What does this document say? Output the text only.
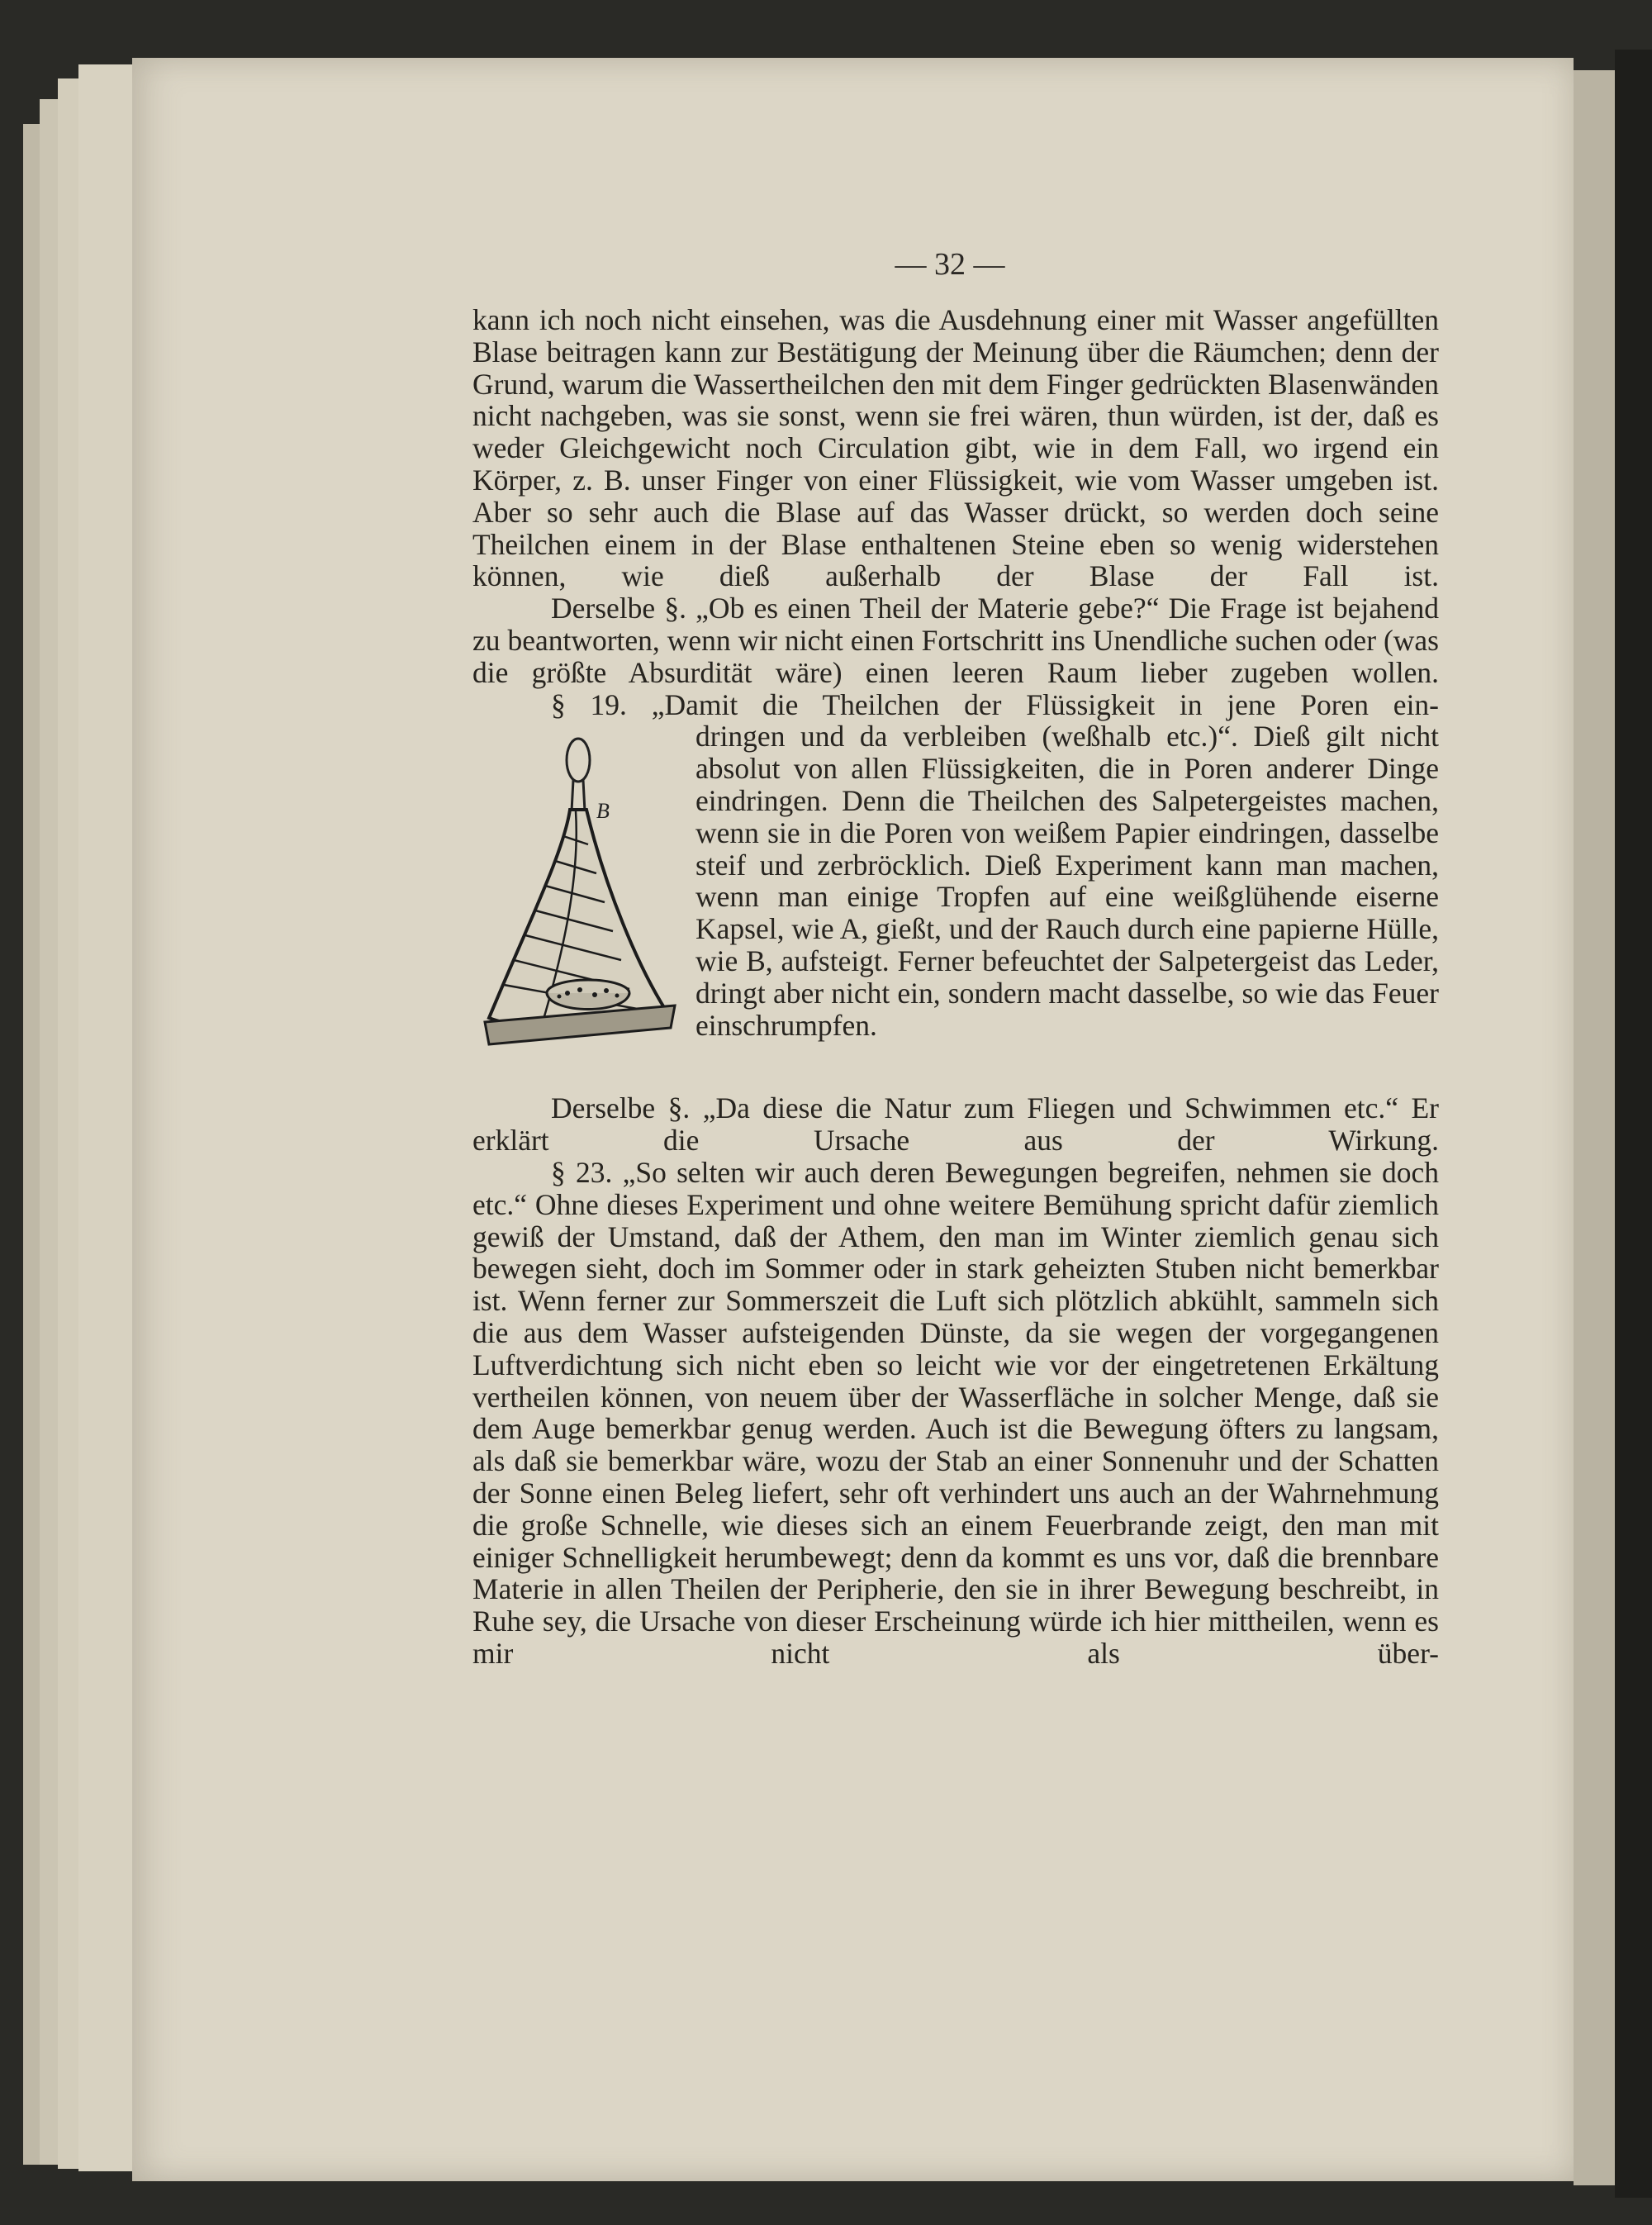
— 32 —

kann ich noch nicht einsehen, was die Ausdehnung einer mit Wasser angefüllten Blase beitragen kann zur Bestätigung der Meinung über die Räumchen; denn der Grund, warum die Wassertheilchen den mit dem Finger gedrückten Blasenwänden nicht nachgeben, was sie sonst, wenn sie frei wären, thun würden, ist der, daß es weder Gleichgewicht noch Circulation gibt, wie in dem Fall, wo irgend ein Körper, z. B. unser Finger von einer Flüssigkeit, wie vom Wasser umgeben ist. Aber so sehr auch die Blase auf das Wasser drückt, so werden doch seine Theilchen einem in der Blase enthaltenen Steine eben so wenig widerstehen können, wie dieß außerhalb der Blase der Fall ist.

Derselbe §. „Ob es einen Theil der Materie gebe?“ Die Frage ist bejahend zu beantworten, wenn wir nicht einen Fortschritt ins Unendliche suchen oder (was die größte Absurdität wäre) einen leeren Raum lieber zugeben wollen.

§ 19. „Damit die Theilchen der Flüssigkeit in jene Poren ein-

B

dringen und da verbleiben (weßhalb etc.)“. Dieß gilt nicht absolut von allen Flüssigkeiten, die in Poren anderer Dinge eindringen. Denn die Theilchen des Salpetergeistes machen, wenn sie in die Poren von weißem Papier eindringen, dasselbe steif und zerbröcklich. Dieß Experiment kann man machen, wenn man einige Tropfen auf eine weißglühende eiserne Kapsel, wie A, gießt, und der Rauch durch eine papierne Hülle, wie B, aufsteigt. Ferner befeuchtet der Salpetergeist das Leder, dringt aber nicht ein, sondern macht dasselbe, so wie das Feuer einschrumpfen.

Derselbe §. „Da diese die Natur zum Fliegen und Schwimmen etc.“ Er erklärt die Ursache aus der Wirkung.

§ 23. „So selten wir auch deren Bewegungen begreifen, nehmen sie doch etc.“ Ohne dieses Experiment und ohne weitere Bemühung spricht dafür ziemlich gewiß der Umstand, daß der Athem, den man im Winter ziemlich genau sich bewegen sieht, doch im Sommer oder in stark geheizten Stuben nicht bemerkbar ist. Wenn ferner zur Sommerszeit die Luft sich plötzlich abkühlt, sammeln sich die aus dem Wasser aufsteigenden Dünste, da sie wegen der vorgegangenen Luftverdichtung sich nicht eben so leicht wie vor der eingetretenen Erkältung vertheilen können, von neuem über der Wasserfläche in solcher Menge, daß sie dem Auge bemerkbar genug werden. Auch ist die Bewegung öfters zu langsam, als daß sie bemerkbar wäre, wozu der Stab an einer Sonnenuhr und der Schatten der Sonne einen Beleg liefert, sehr oft verhindert uns auch an der Wahrnehmung die große Schnelle, wie dieses sich an einem Feuerbrande zeigt, den man mit einiger Schnelligkeit herumbewegt; denn da kommt es uns vor, daß die brennbare Materie in allen Theilen der Peripherie, den sie in ihrer Bewegung beschreibt, in Ruhe sey, die Ursache von dieser Erscheinung würde ich hier mittheilen, wenn es mir nicht als über-
